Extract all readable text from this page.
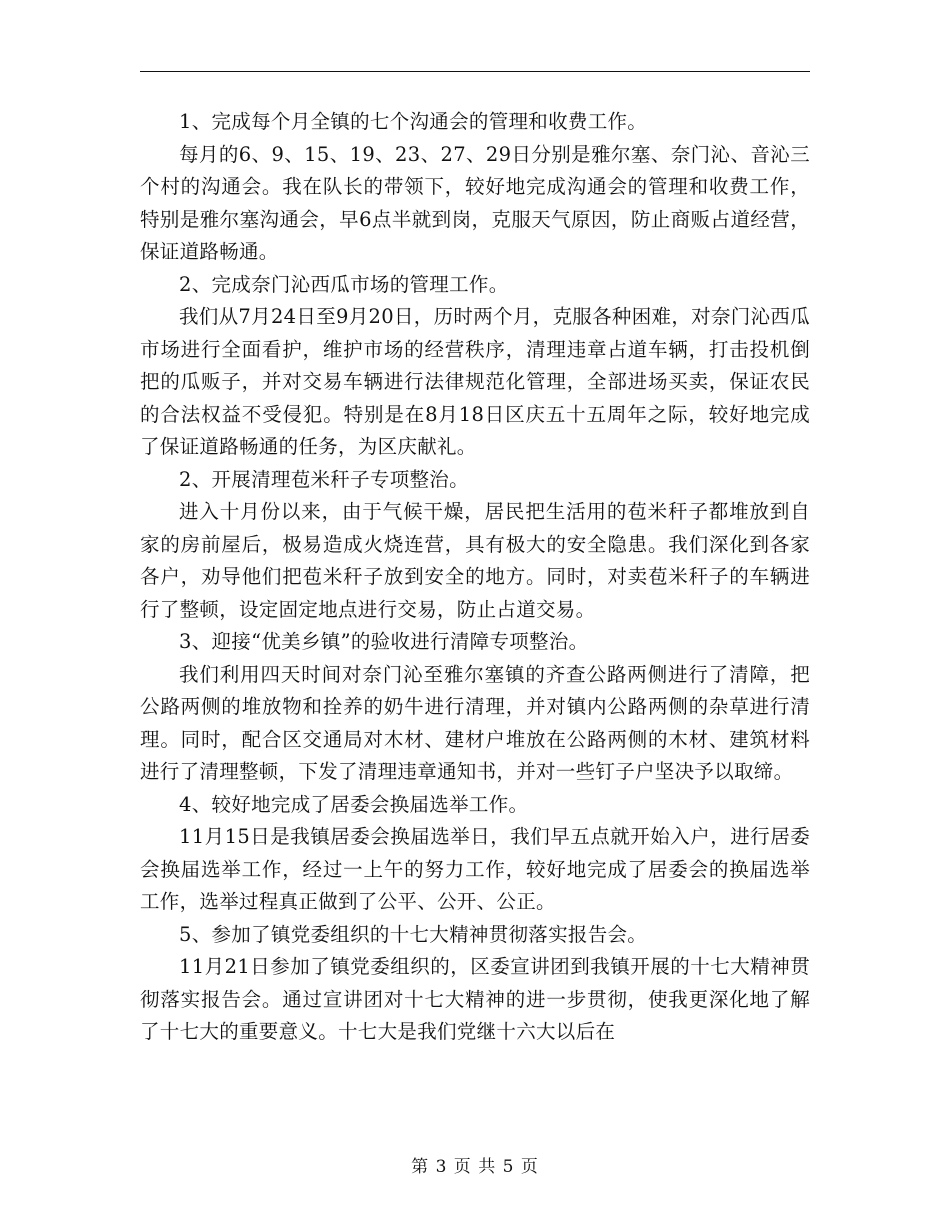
1、完成每个月全镇的七个沟通会的管理和收费工作。

每月的6、9、15、19、23、27、29日分别是雅尔塞、奈门沁、音沁三个村的沟通会。我在队长的带领下，较好地完成沟通会的管理和收费工作，特别是雅尔塞沟通会，早6点半就到岗，克服天气原因，防止商贩占道经营，保证道路畅通。

2、完成奈门沁西瓜市场的管理工作。

我们从7月24日至9月20日，历时两个月，克服各种困难，对奈门沁西瓜市场进行全面看护，维护市场的经营秩序，清理违章占道车辆，打击投机倒把的瓜贩子，并对交易车辆进行法律规范化管理，全部进场买卖，保证农民的合法权益不受侵犯。特别是在8月18日区庆五十五周年之际，较好地完成了保证道路畅通的任务，为区庆献礼。

2、开展清理苞米秆子专项整治。

进入十月份以来，由于气候干燥，居民把生活用的苞米秆子都堆放到自家的房前屋后，极易造成火烧连营，具有极大的安全隐患。我们深化到各家各户，劝导他们把苞米秆子放到安全的地方。同时，对卖苞米秆子的车辆进行了整顿，设定固定地点进行交易，防止占道交易。

3、迎接“优美乡镇”的验收进行清障专项整治。

我们利用四天时间对奈门沁至雅尔塞镇的齐查公路两侧进行了清障，把公路两侧的堆放物和拴养的奶牛进行清理，并对镇内公路两侧的杂草进行清理。同时，配合区交通局对木材、建材户堆放在公路两侧的木材、建筑材料进行了清理整顿，下发了清理违章通知书，并对一些钉子户坚决予以取缔。

4、较好地完成了居委会换届选举工作。

11月15日是我镇居委会换届选举日，我们早五点就开始入户，进行居委会换届选举工作，经过一上午的努力工作，较好地完成了居委会的换届选举工作，选举过程真正做到了公平、公开、公正。

5、参加了镇党委组织的十七大精神贯彻落实报告会。

11月21日参加了镇党委组织的，区委宣讲团到我镇开展的十七大精神贯彻落实报告会。通过宣讲团对十七大精神的进一步贯彻，使我更深化地了解了十七大的重要意义。十七大是我们党继十六大以后在

第 3 页 共 5 页
